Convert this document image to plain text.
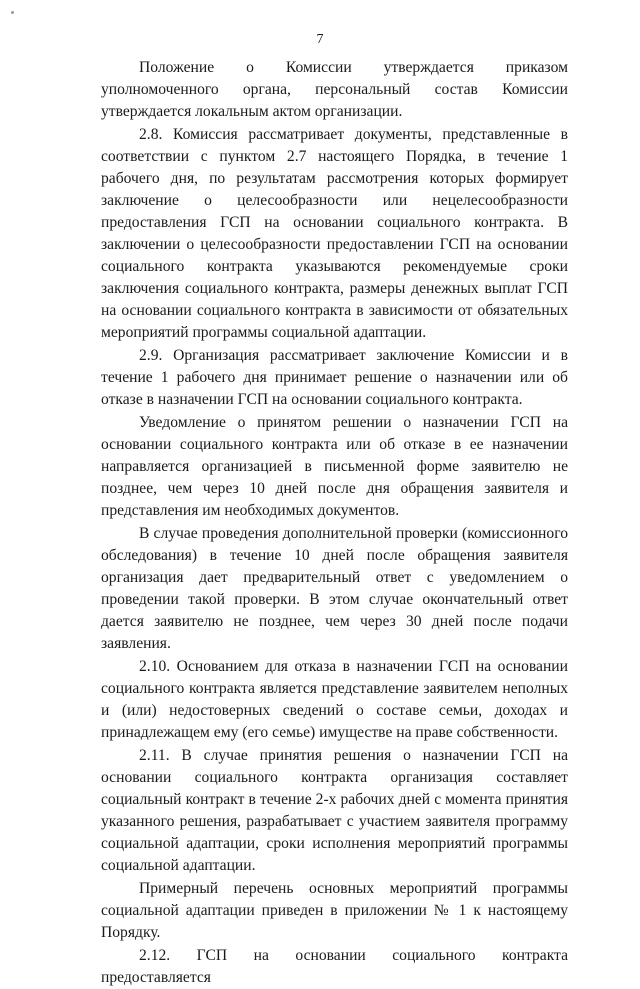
7

Положение о Комиссии утверждается приказом уполномоченного органа, персональный состав Комиссии утверждается локальным актом организации.

2.8. Комиссия рассматривает документы, представленные в соответствии с пунктом 2.7 настоящего Порядка, в течение 1 рабочего дня, по результатам рассмотрения которых формирует заключение о целесообразности или нецелесообразности предоставления ГСП на основании социального контракта. В заключении о целесообразности предоставлении ГСП на основании социального контракта указываются рекомендуемые сроки заключения социального контракта, размеры денежных выплат ГСП на основании социального контракта в зависимости от обязательных мероприятий программы социальной адаптации.

2.9. Организация рассматривает заключение Комиссии и в течение 1 рабочего дня принимает решение о назначении или об отказе в назначении ГСП на основании социального контракта.

Уведомление о принятом решении о назначении ГСП на основании социального контракта или об отказе в ее назначении направляется организацией в письменной форме заявителю не позднее, чем через 10 дней после дня обращения заявителя и представления им необходимых документов.

В случае проведения дополнительной проверки (комиссионного обследования) в течение 10 дней после обращения заявителя организация дает предварительный ответ с уведомлением о проведении такой проверки. В этом случае окончательный ответ дается заявителю не позднее, чем через 30 дней после подачи заявления.

2.10. Основанием для отказа в назначении ГСП на основании социального контракта является представление заявителем неполных и (или) недостоверных сведений о составе семьи, доходах и принадлежащем ему (его семье) имуществе на праве собственности.

2.11. В случае принятия решения о назначении ГСП на основании социального контракта организация составляет социальный контракт в течение 2-х рабочих дней с момента принятия указанного решения, разрабатывает с участием заявителя программу социальной адаптации, сроки исполнения мероприятий программы социальной адаптации.

Примерный перечень основных мероприятий программы социальной адаптации приведен в приложении № 1 к настоящему Порядку.

2.12. ГСП на основании социального контракта предоставляется
